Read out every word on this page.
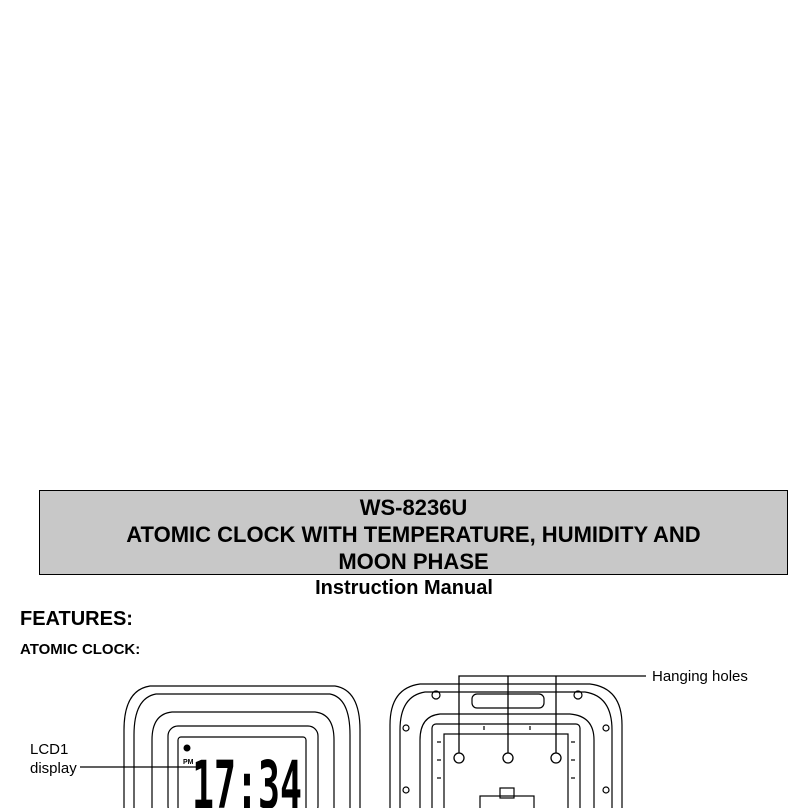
WS-8236U
ATOMIC CLOCK WITH TEMPERATURE, HUMIDITY AND
MOON PHASE
Instruction Manual
FEATURES:
ATOMIC CLOCK:
LCD1
display
Hanging holes
PM
17:34
